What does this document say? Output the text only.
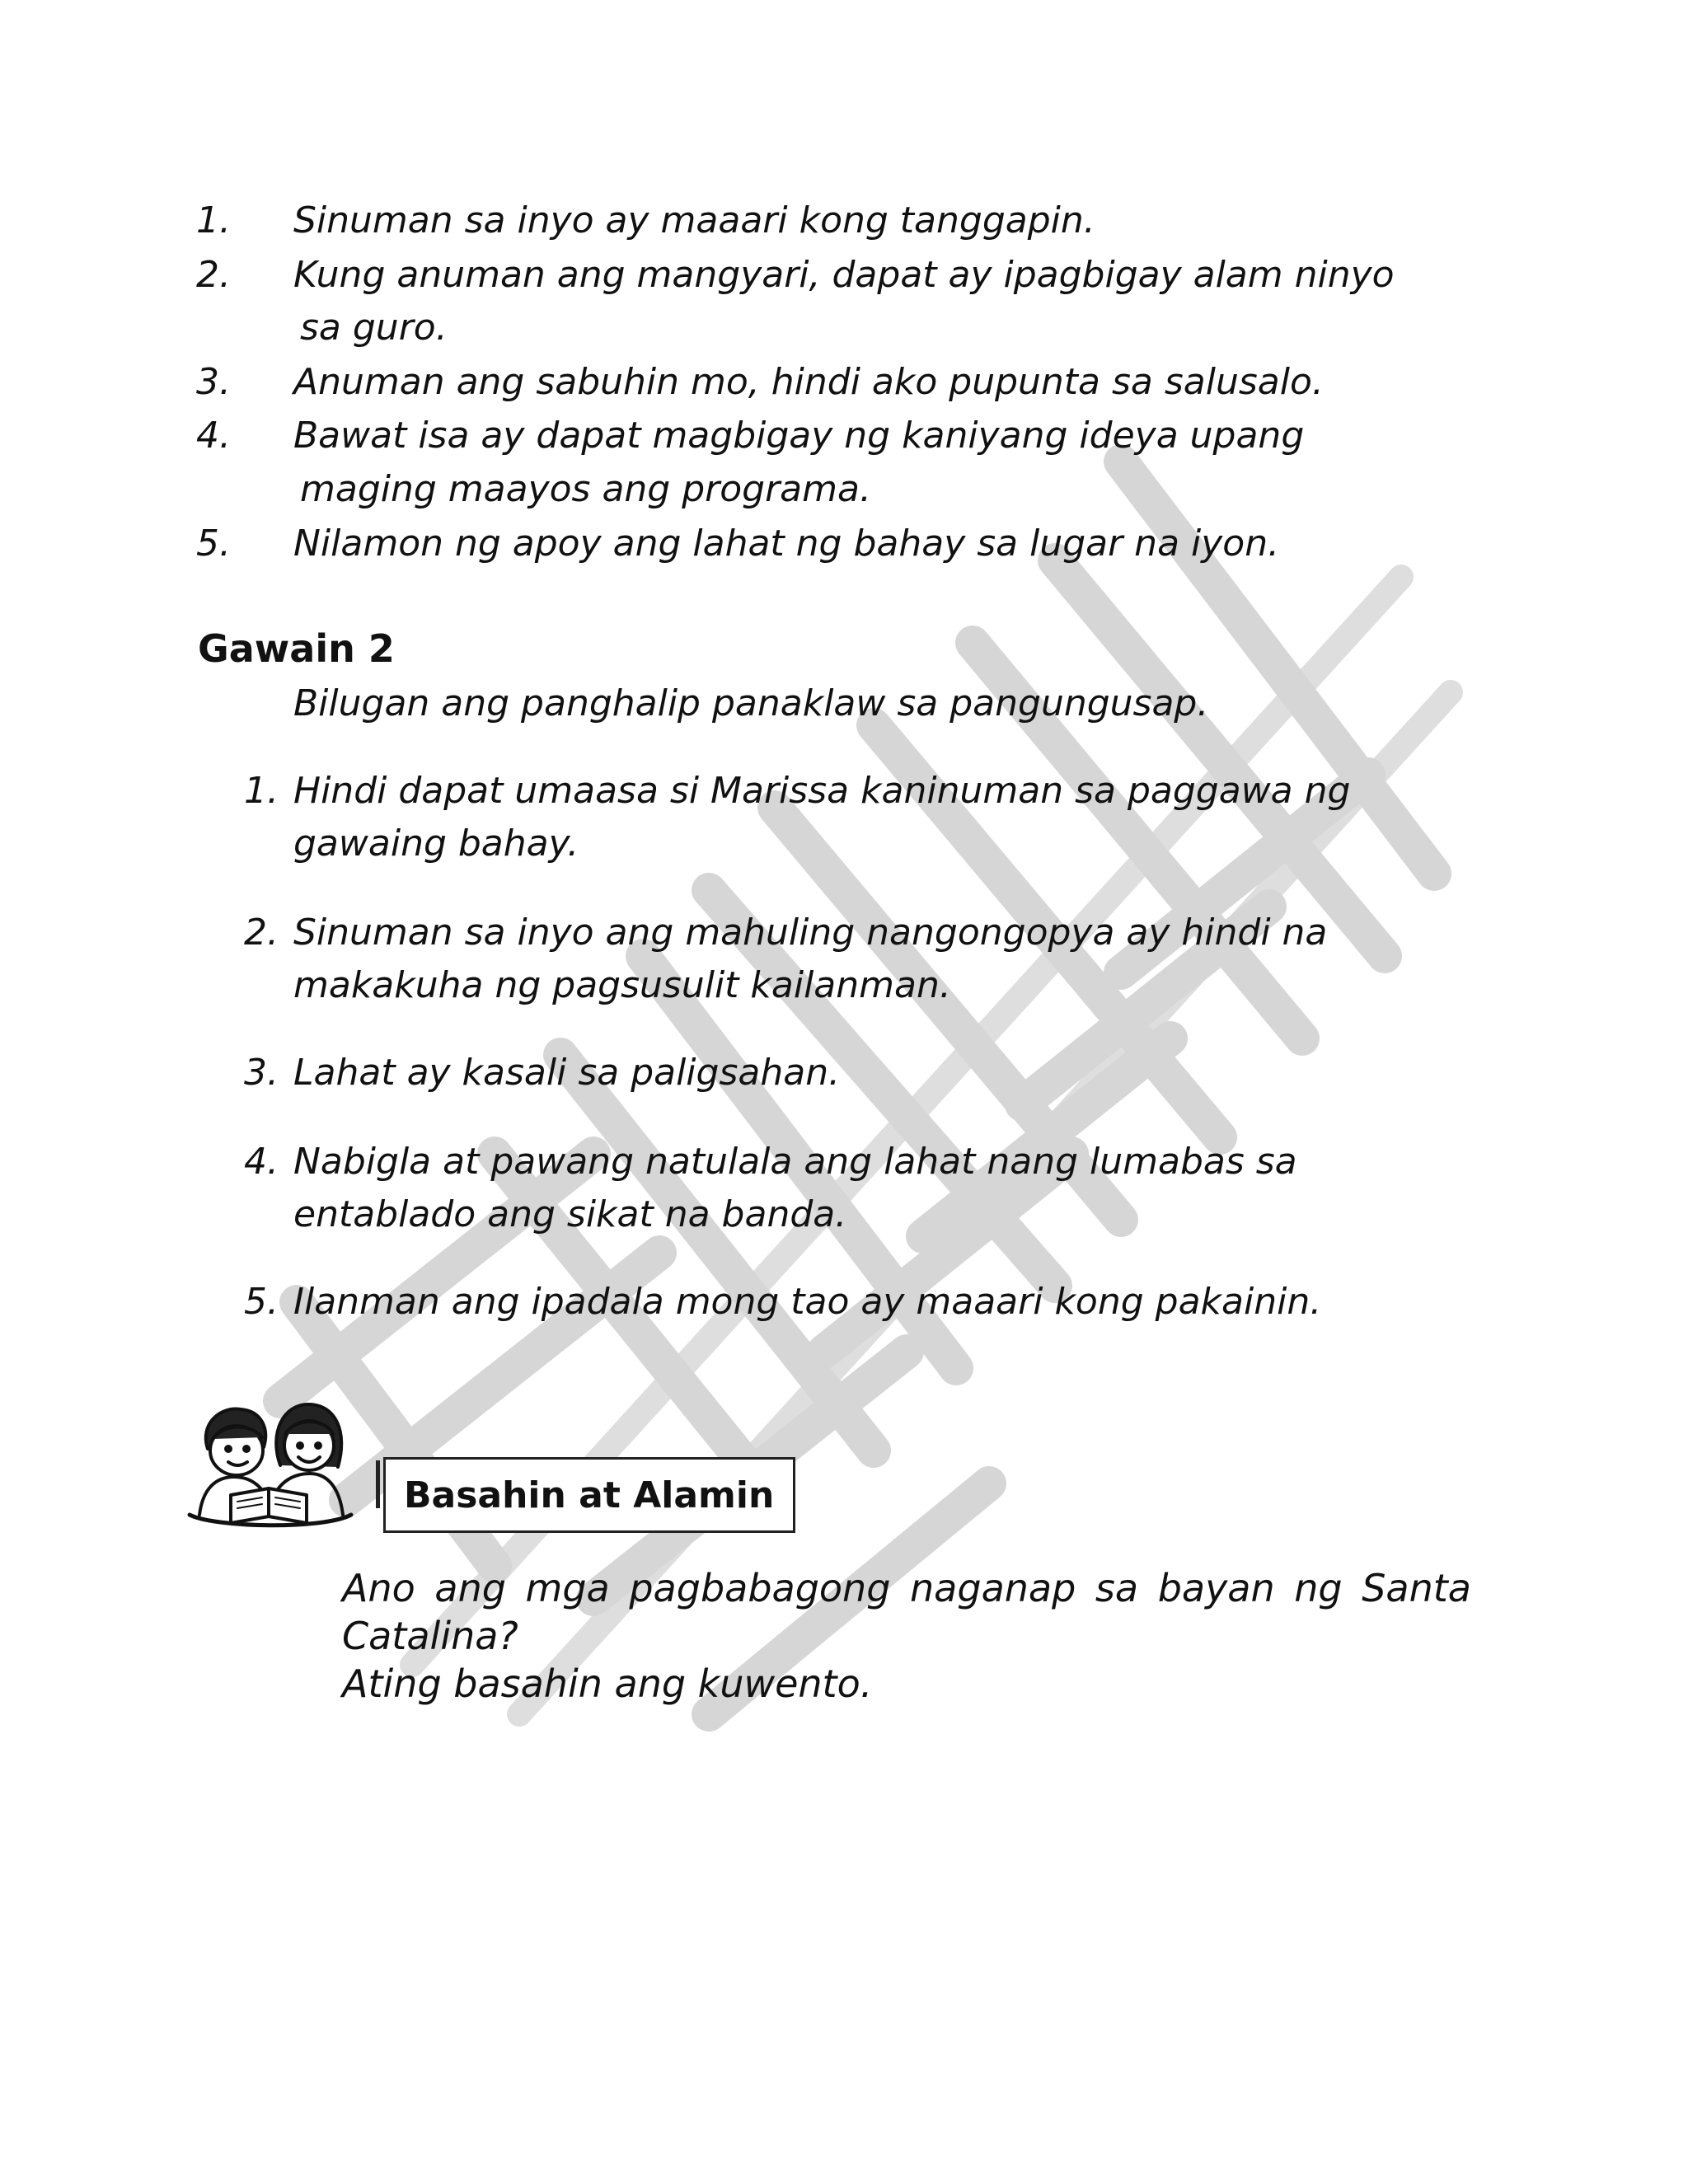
1. Sinuman sa inyo ay maaari kong tanggapin.
2. Kung anuman ang mangyari, dapat ay ipagbigay alam ninyo
sa guro.
3. Anuman ang sabuhin mo, hindi ako pupunta sa salusalo.
4. Bawat isa ay dapat magbigay ng kaniyang ideya upang
maging maayos ang programa.
5. Nilamon ng apoy ang lahat ng bahay sa lugar na iyon.
Gawain 2
Bilugan ang panghalip panaklaw sa pangungusap.
1. Hindi dapat umaasa si Marissa kaninuman sa paggawa ng
gawaing bahay.
2. Sinuman sa inyo ang mahuling nangongopya ay hindi na
makakuha ng pagsusulit kailanman.
3. Lahat ay kasali sa paligsahan.
4. Nabigla at pawang natulala ang lahat nang lumabas sa
entablado ang sikat na banda.
5. Ilanman ang ipadala mong tao ay maaari kong pakainin.
Basahin at Alamin
Ano ang mga pagbabagong naganap sa bayan ng Santa
Catalina?
Ating basahin ang kuwento.
